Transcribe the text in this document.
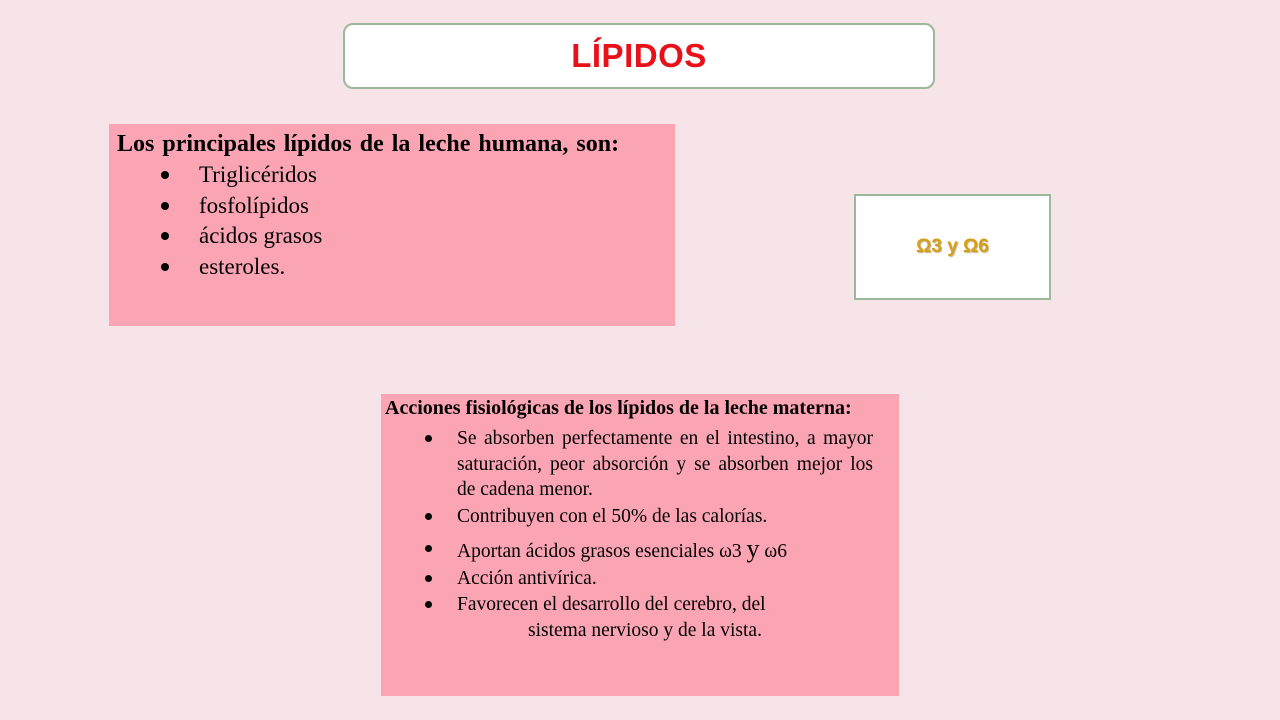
LÍPIDOS
Los principales lípidos de la leche humana, son:
Triglicéridos
fosfolípidos
ácidos grasos
esteroles.
Ω3 y Ω6
Acciones fisiológicas de los lípidos de la leche materna:
Se absorben perfectamente en el intestino, a mayor saturación, peor absorción y se absorben mejor los de cadena menor.
Contribuyen con el 50% de las calorías.
Aportan ácidos grasos esenciales ω3 y ω6
Acción antivírica.
Favorecen el desarrollo del cerebro, del
sistema nervioso y de la vista.
